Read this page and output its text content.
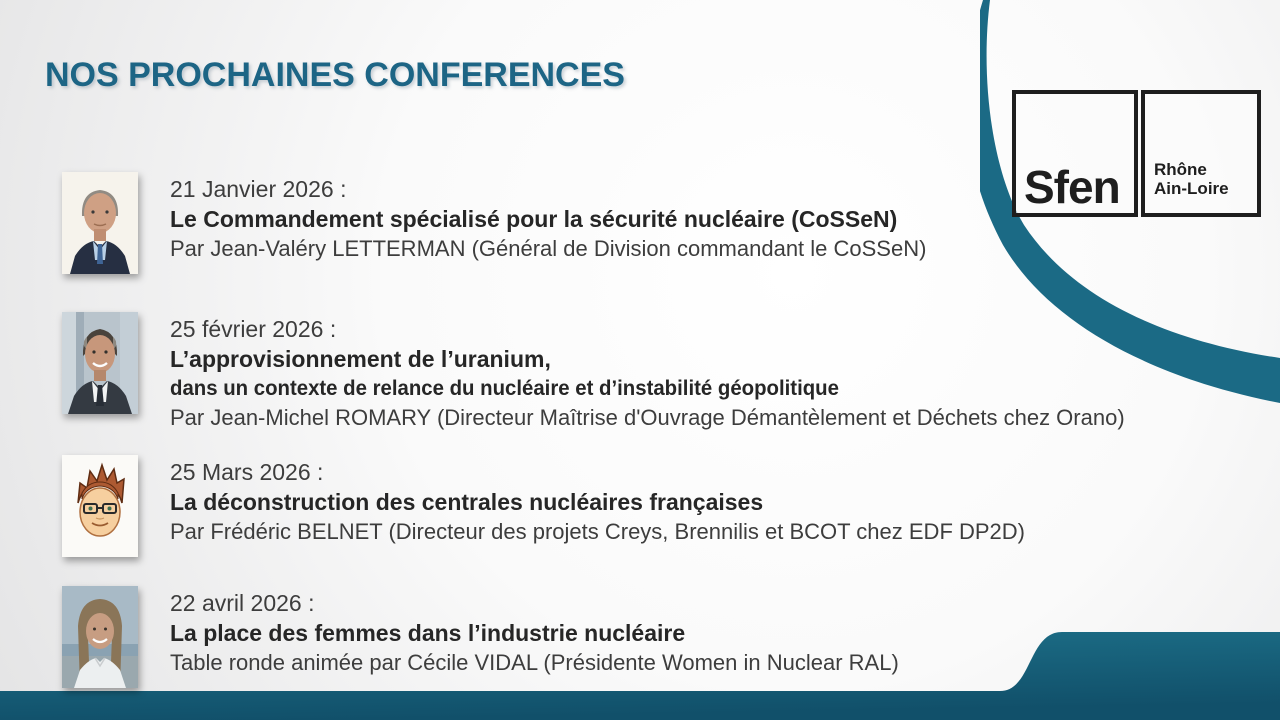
NOS PROCHAINES CONFERENCES
Sfen Rhône
Ain-Loire
21 Janvier 2026 :
Le Commandement spécialisé pour la sécurité nucléaire (CoSSeN)
Par Jean-Valéry LETTERMAN (Général de Division commandant le CoSSeN)
25 février 2026 :
L’approvisionnement de l’uranium,
dans un contexte de relance du nucléaire et d’instabilité géopolitique
Par Jean-Michel ROMARY (Directeur Maîtrise d'Ouvrage Démantèlement et Déchets chez Orano)
25 Mars 2026 :
La déconstruction des centrales nucléaires françaises
Par Frédéric BELNET (Directeur des projets Creys, Brennilis et BCOT chez EDF DP2D)
22 avril 2026 :
La place des femmes dans l’industrie nucléaire
Table ronde animée par Cécile VIDAL (Présidente Women in Nuclear RAL)
